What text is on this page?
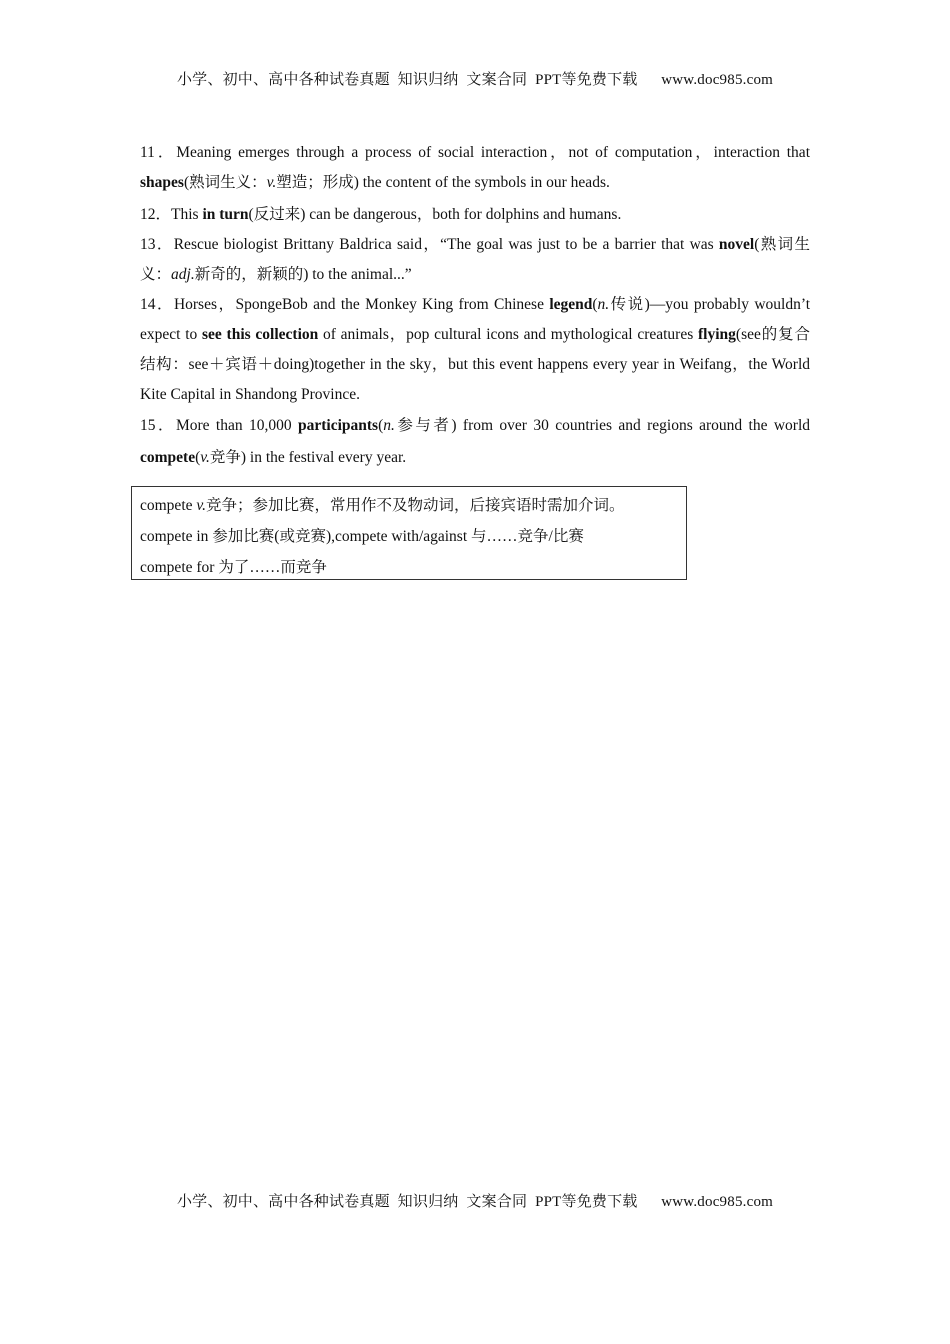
小学、初中、高中各种试卷真题  知识归纳  文案合同  PPT等免费下载      www.doc985.com

11．Meaning emerges through a process of social interaction，not of computation，interaction that shapes(熟词生义：v.塑造；形成) the content of the symbols in our heads.

12．This in turn(反过来) can be dangerous，both for dolphins and humans.

13．Rescue biologist Brittany Baldrica said，“The goal was just to be a barrier that was novel(熟词生义：adj.新奇的，新颖的) to the animal...”

14．Horses，SpongeBob and the Monkey King from Chinese legend(n.传说)—you probably wouldn’t expect to see this collection of animals，pop cultural icons and mythological creatures flying(see的复合结构：see＋宾语＋doing)together in the sky，but this event happens every year in Weifang，the World Kite Capital in Shandong Province.

15．More than 10,000 participants(n.参与者) from over 30 countries and regions around the world compete(v.竞争) in the festival every year.

compete v.竞争；参加比赛，常用作不及物动词，后接宾语时需加介词。
compete in 参加比赛(或竞赛),compete with/against 与……竞争/比赛
compete for 为了……而竞争
小学、初中、高中各种试卷真题  知识归纳  文案合同  PPT等免费下载      www.doc985.com
